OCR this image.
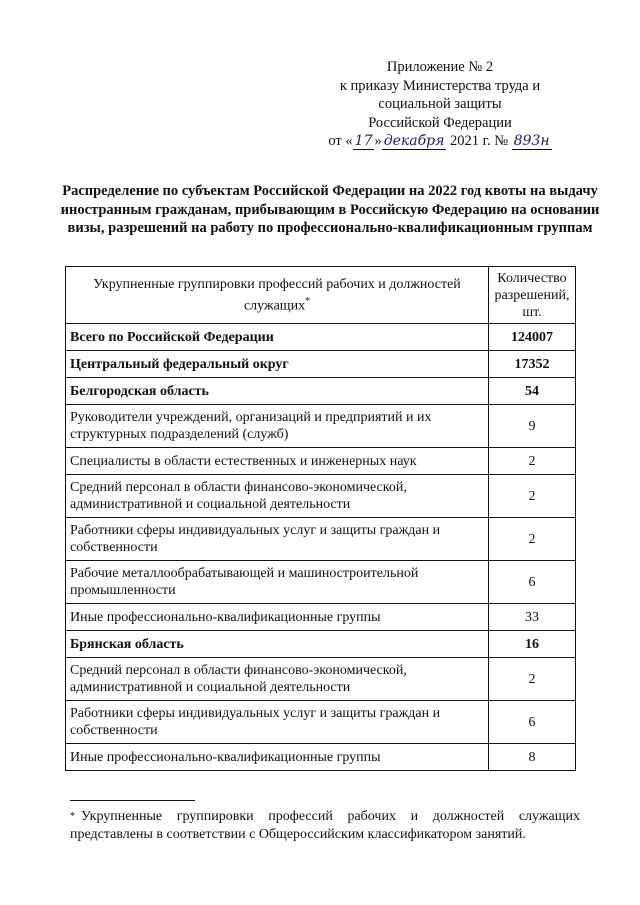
Приложение № 2
к приказу Министерства труда и
социальной защиты
Российской Федерации
от « 17 » декабря 2021 г. № 893н
Распределение по субъектам Российской Федерации на 2022 год квоты на выдачу иностранным гражданам, прибывающим в Российскую Федерацию на основании визы, разрешений на работу по профессионально-квалификационным группам
Укрупненные группировки профессий рабочих и должностей служащих*	Количество разрешений, шт.
Всего по Российской Федерации	124007
Центральный федеральный округ	17352
Белгородская область	54
Руководители учреждений, организаций и предприятий и их структурных подразделений (служб)	9
Специалисты в области естественных и инженерных наук	2
Средний персонал в области финансово-экономической, административной и социальной деятельности	2
Работники сферы индивидуальных услуг и защиты граждан и собственности	2
Рабочие металлообрабатывающей и машиностроительной промышленности	6
Иные профессионально-квалификационные группы	33
Брянская область	16
Средний персонал в области финансово-экономической, административной и социальной деятельности	2
Работники сферы индивидуальных услуг и защиты граждан и собственности	6
Иные профессионально-квалификационные группы	8
* Укрупненные группировки профессий рабочих и должностей служащих представлены в соответствии с Общероссийским классификатором занятий.
